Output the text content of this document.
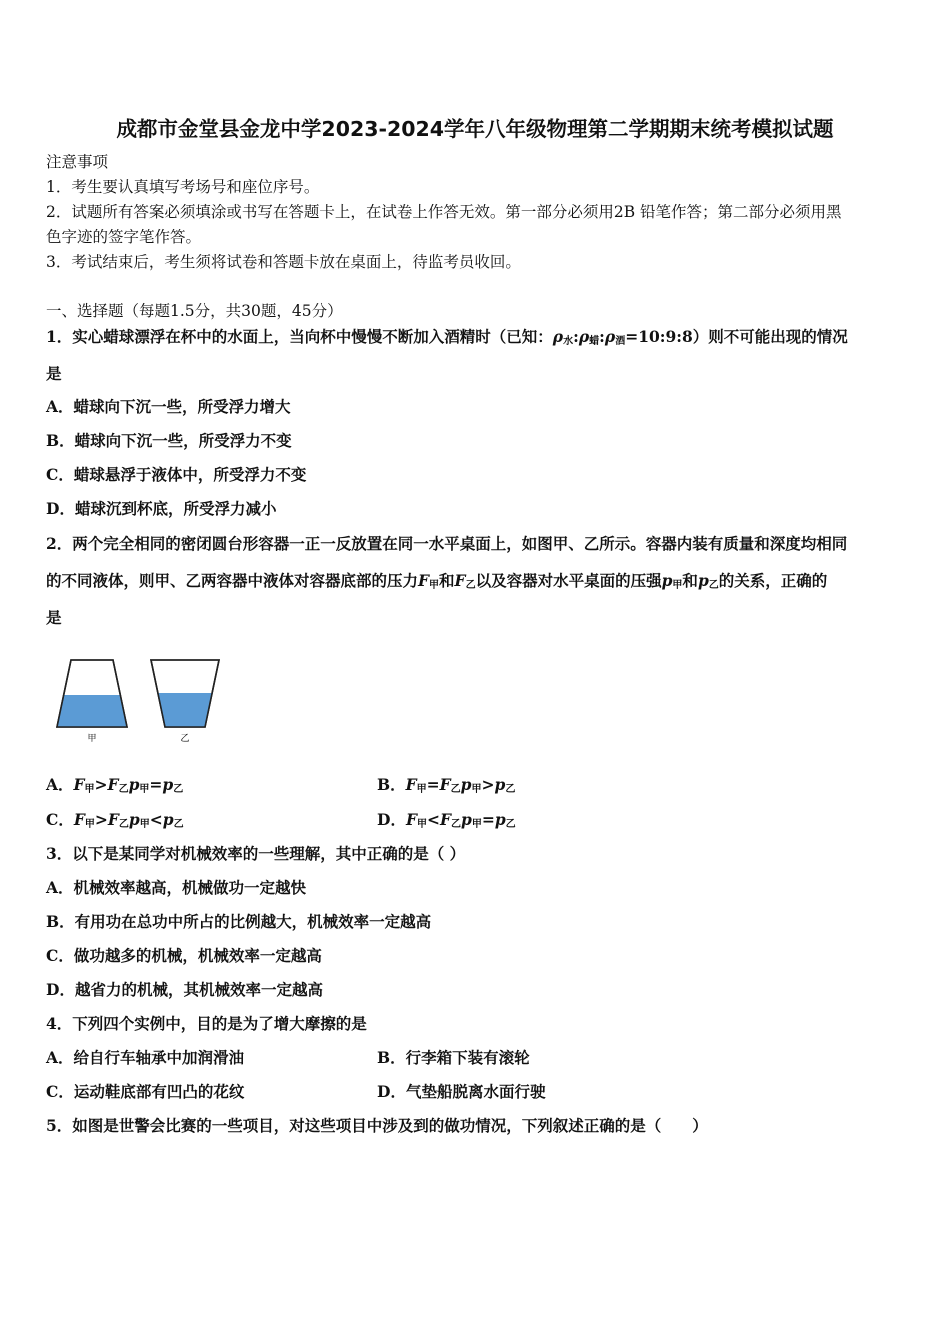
成都市金堂县金龙中学2023-2024学年八年级物理第二学期期末统考模拟试题
注意事项
1．考生要认真填写考场号和座位序号。
2．试题所有答案必须填涂或书写在答题卡上，在试卷上作答无效。第一部分必须用2B 铅笔作答；第二部分必须用黑
色字迹的签字笔作答。
3．考试结束后，考生须将试卷和答题卡放在桌面上，待监考员收回。
一、选择题（每题1.5分，共30题，45分）
1．实心蜡球漂浮在杯中的水面上，当向杯中慢慢不断加入酒精时（已知：$\rho_水:\rho_蜡:\rho_酒=10:9:8$）则不可能出现的情况
是
A．蜡球向下沉一些，所受浮力增大
B．蜡球向下沉一些，所受浮力不变
C．蜡球悬浮于液体中，所受浮力不变
D．蜡球沉到杯底，所受浮力减小
2．两个完全相同的密闭圆台形容器一正一反放置在同一水平桌面上，如图甲、乙所示。容器内装有质量和深度均相同
的不同液体，则甲、乙两容器中液体对容器底部的压力$F_甲$和$F_乙$以及容器对水平桌面的压强$p_甲$和$p_乙$的关系，正确的
是
甲	乙
A．$F_甲>F_乙p_甲=p_乙$	B．$F_甲=F_乙p_甲>p_乙$
C．$F_甲>F_乙p_甲<p_乙$	D．$F_甲<F_乙p_甲=p_乙$
3．以下是某同学对机械效率的一些理解，其中正确的是（ ）
A．机械效率越高，机械做功一定越快
B．有用功在总功中所占的比例越大，机械效率一定越高
C．做功越多的机械，机械效率一定越高
D．越省力的机械，其机械效率一定越高
4．下列四个实例中，目的是为了增大摩擦的是
A．给自行车轴承中加润滑油	B．行李箱下装有滚轮
C．运动鞋底部有凹凸的花纹	D．气垫船脱离水面行驶
5．如图是世警会比赛的一些项目，对这些项目中涉及到的做功情况，下列叙述正确的是（　　）
